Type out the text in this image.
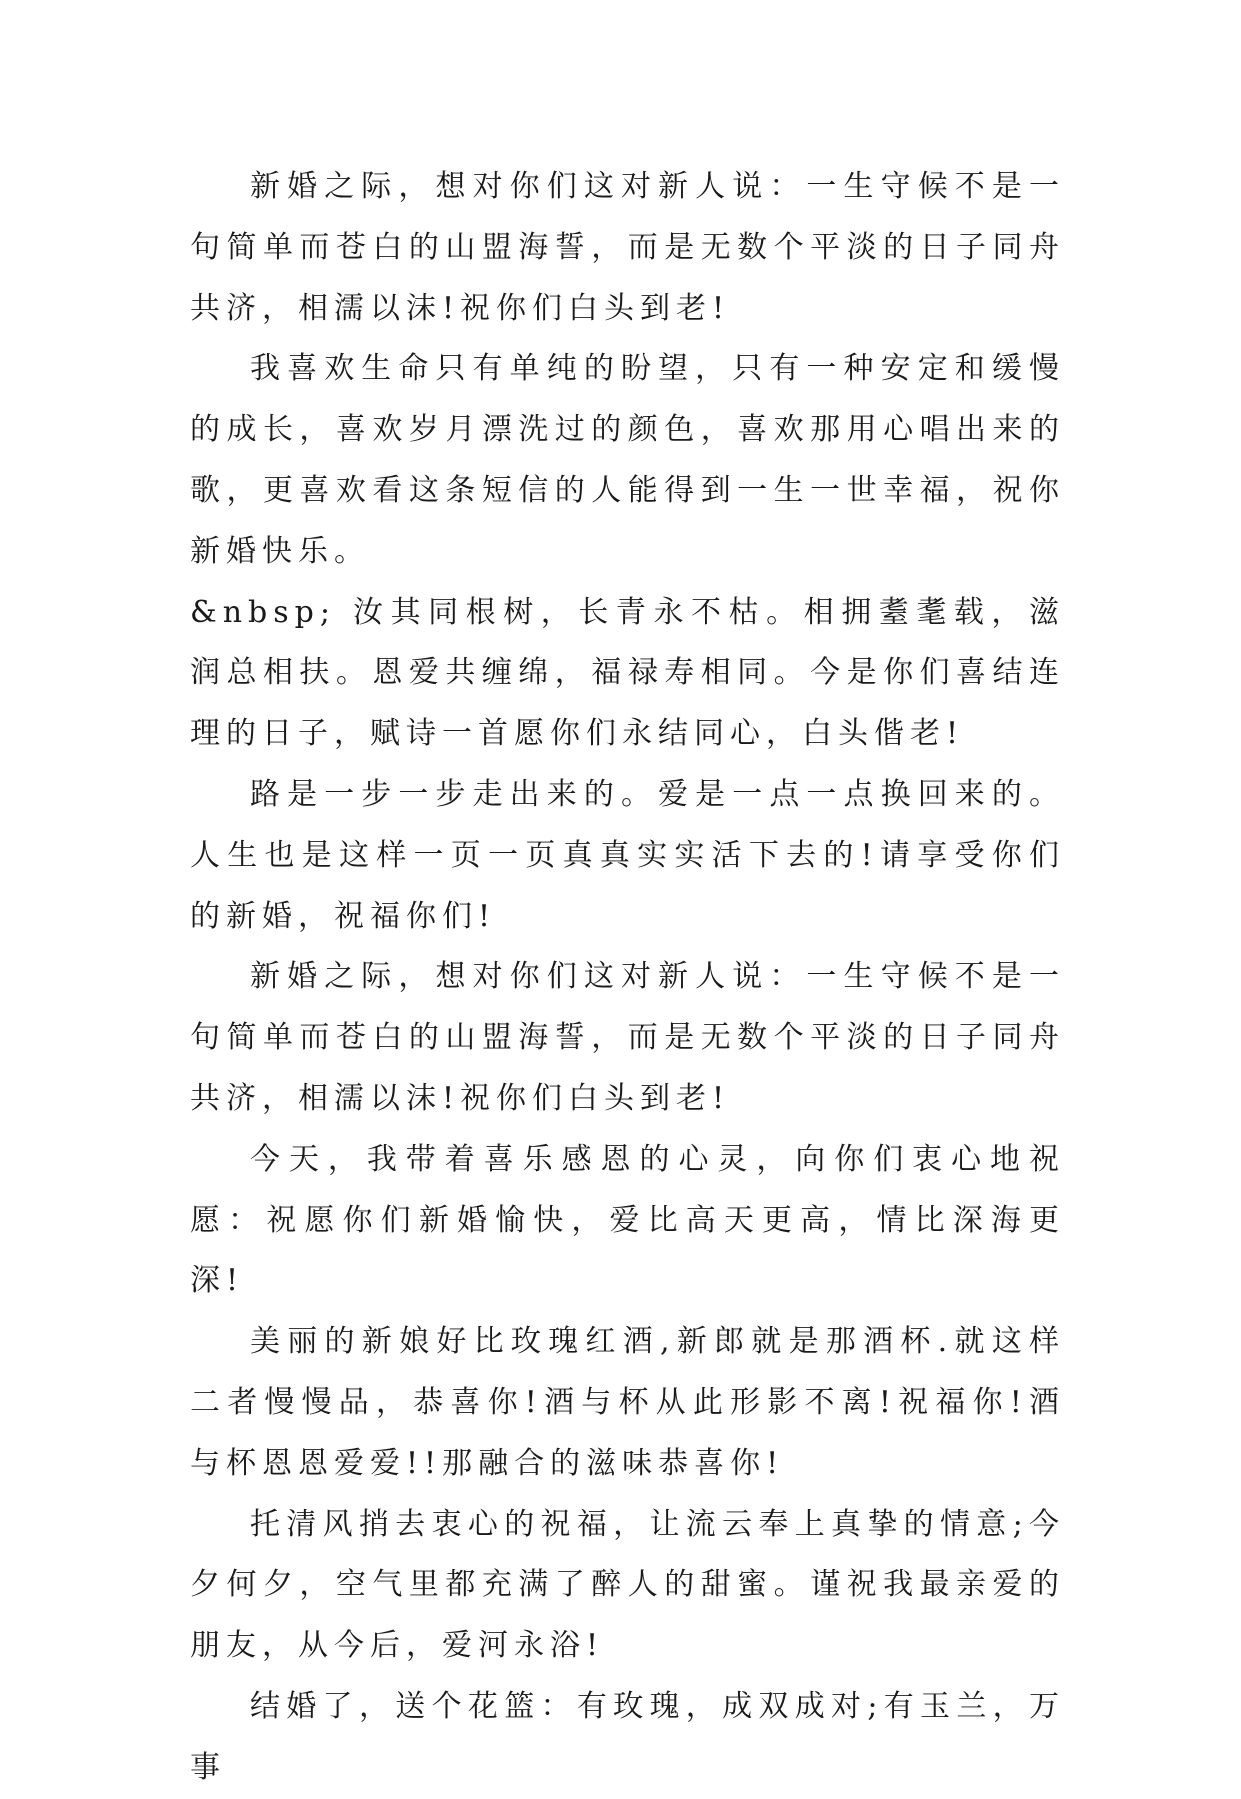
新婚之际，想对你们这对新人说：一生守候不是一句简单而苍白的山盟海誓，而是无数个平淡的日子同舟共济，相濡以沫!祝你们白头到老!

我喜欢生命只有单纯的盼望，只有一种安定和缓慢的成长，喜欢岁月漂洗过的颜色，喜欢那用心唱出来的歌，更喜欢看这条短信的人能得到一生一世幸福，祝你新婚快乐。

&nbsp; 汝其同根树，长青永不枯。相拥耋耄载，滋润总相扶。恩爱共缠绵，福禄寿相同。今是你们喜结连理的日子，赋诗一首愿你们永结同心，白头偕老!

路是一步一步走出来的。爱是一点一点换回来的。人生也是这样一页一页真真实实活下去的!请享受你们的新婚，祝福你们!

新婚之际，想对你们这对新人说：一生守候不是一句简单而苍白的山盟海誓，而是无数个平淡的日子同舟共济，相濡以沫!祝你们白头到老!

今天，我带着喜乐感恩的心灵，向你们衷心地祝愿：祝愿你们新婚愉快，爱比高天更高，情比深海更深!

美丽的新娘好比玫瑰红酒,新郎就是那酒杯.就这样二者慢慢品，恭喜你!酒与杯从此形影不离!祝福你!酒与杯恩恩爱爱!!那融合的滋味恭喜你!

托清风捎去衷心的祝福，让流云奉上真挚的情意;今夕何夕，空气里都充满了醉人的甜蜜。谨祝我最亲爱的朋友，从今后，爱河永浴!

结婚了，送个花篮：有玫瑰，成双成对;有玉兰，万事
